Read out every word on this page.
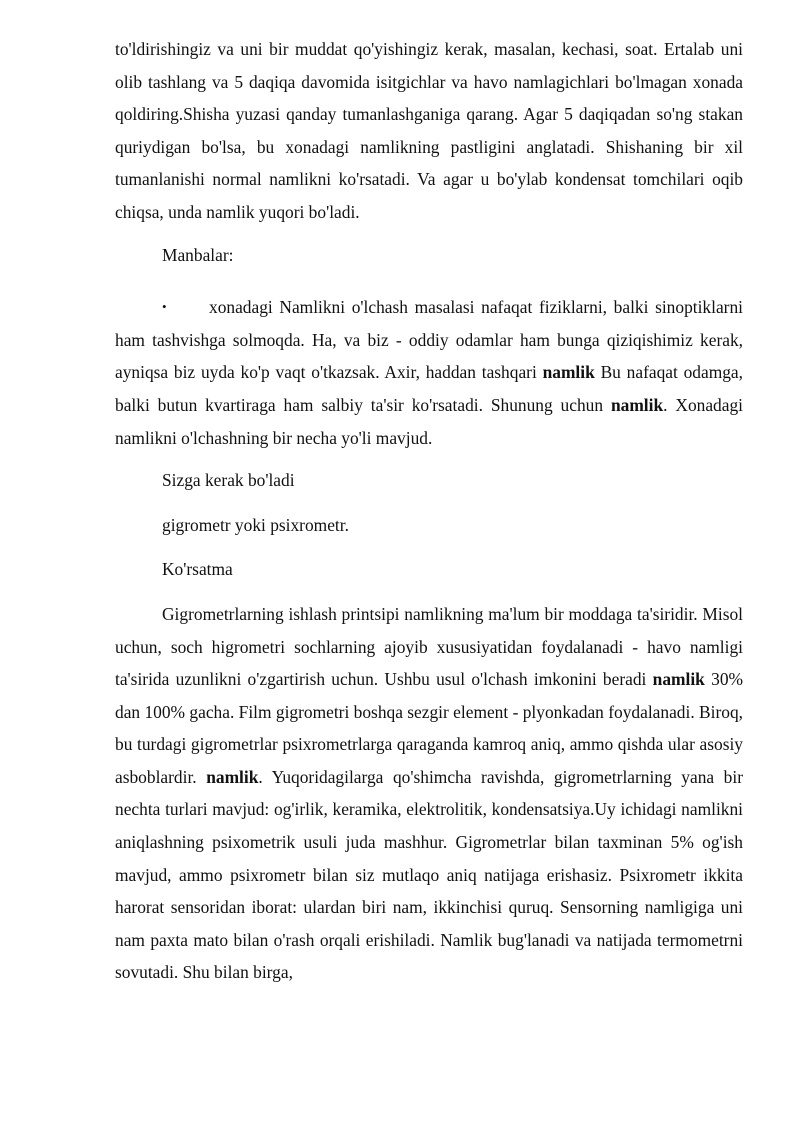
to'ldirishingiz va uni bir muddat qo'yishingiz kerak, masalan, kechasi, soat. Ertalab uni olib tashlang va 5 daqiqa davomida isitgichlar va havo namlagichlari bo'lmagan xonada qoldiring.Shisha yuzasi qanday tumanlashganiga qarang. Agar 5 daqiqadan so'ng stakan quriydigan bo'lsa, bu xonadagi namlikning pastligini anglatadi. Shishaning bir xil tumanlanishi normal namlikni ko'rsatadi. Va agar u bo'ylab kondensat tomchilari oqib chiqsa, unda namlik yuqori bo'ladi.

Manbalar:

• xonadagi Namlikni o'lchash masalasi nafaqat fiziklarni, balki sinoptiklarni ham tashvishga solmoqda. Ha, va biz - oddiy odamlar ham bunga qiziqishimiz kerak, ayniqsa biz uyda ko'p vaqt o'tkazsak. Axir, haddan tashqari namlik Bu nafaqat odamga, balki butun kvartiraga ham salbiy ta'sir ko'rsatadi. Shunung uchun namlik. Xonadagi namlikni o'lchashning bir necha yo'li mavjud.

Sizga kerak bo'ladi

gigrometr yoki psixrometr.

Ko'rsatma

Gigrometrlarning ishlash printsipi namlikning ma'lum bir moddaga ta'siridir. Misol uchun, soch higrometri sochlarning ajoyib xususiyatidan foydalanadi - havo namligi ta'sirida uzunlikni o'zgartirish uchun. Ushbu usul o'lchash imkonini beradi namlik 30% dan 100% gacha. Film gigrometri boshqa sezgir element - plyonkadan foydalanadi. Biroq, bu turdagi gigrometrlar psixrometrlarga qaraganda kamroq aniq, ammo qishda ular asosiy asboblardir. namlik. Yuqoridagilarga qo'shimcha ravishda, gigrometrlarning yana bir nechta turlari mavjud: og'irlik, keramika, elektrolitik, kondensatsiya.Uy ichidagi namlikni aniqlashning psixometrik usuli juda mashhur. Gigrometrlar bilan taxminan 5% og'ish mavjud, ammo psixrometr bilan siz mutlaqo aniq natijaga erishasiz. Psixrometr ikkita harorat sensoridan iborat: ulardan biri nam, ikkinchisi quruq. Sensorning namligiga uni nam paxta mato bilan o'rash orqali erishiladi. Namlik bug'lanadi va natijada termometrni sovutadi. Shu bilan birga,
